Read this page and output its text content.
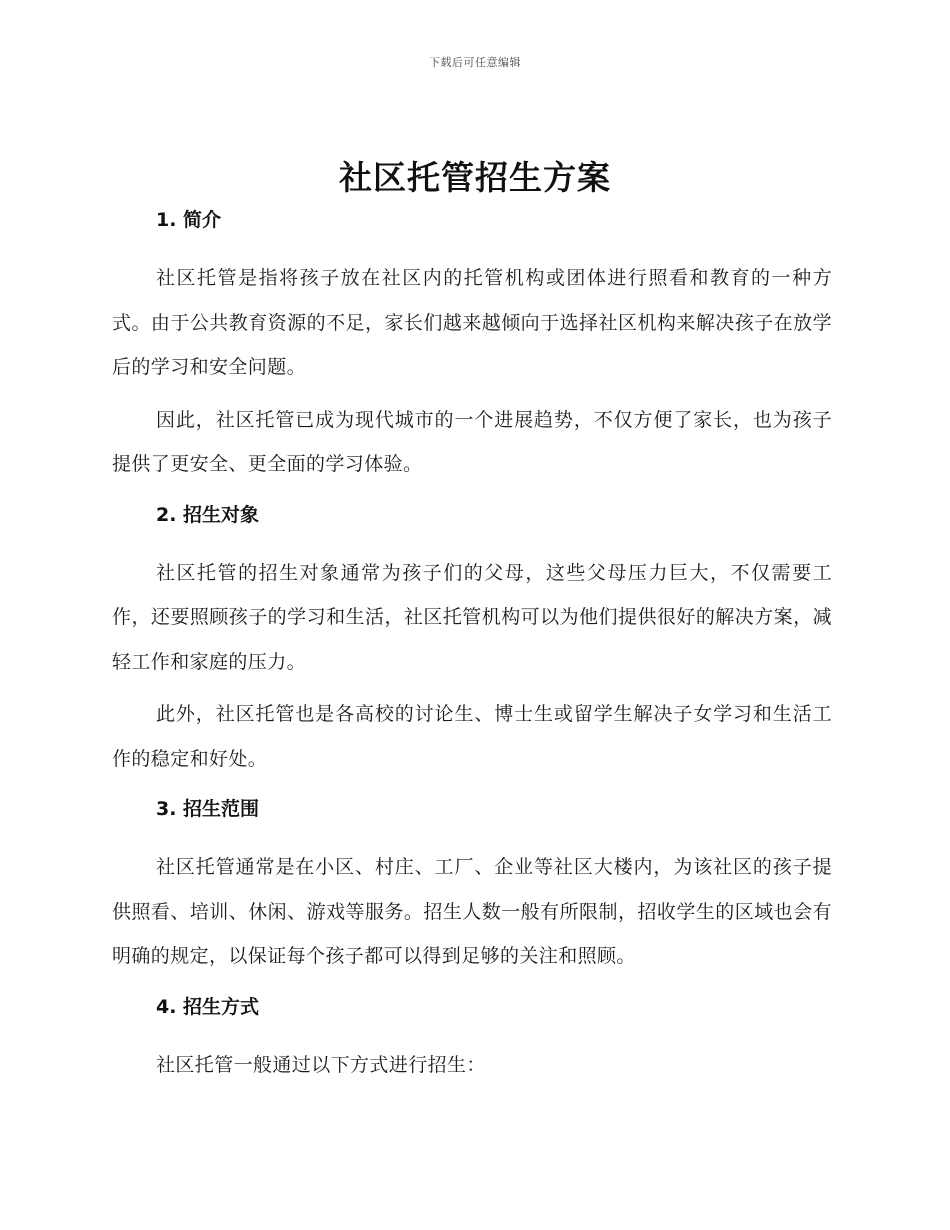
下载后可任意编辑
社区托管招生方案
1. 简介

社区托管是指将孩子放在社区内的托管机构或团体进行照看和教育的一种方式。由于公共教育资源的不足，家长们越来越倾向于选择社区机构来解决孩子在放学后的学习和安全问题。

因此，社区托管已成为现代城市的一个进展趋势，不仅方便了家长，也为孩子提供了更安全、更全面的学习体验。

2. 招生对象

社区托管的招生对象通常为孩子们的父母，这些父母压力巨大，不仅需要工作，还要照顾孩子的学习和生活，社区托管机构可以为他们提供很好的解决方案，减轻工作和家庭的压力。

此外，社区托管也是各高校的讨论生、博士生或留学生解决子女学习和生活工作的稳定和好处。

3. 招生范围

社区托管通常是在小区、村庄、工厂、企业等社区大楼内，为该社区的孩子提供照看、培训、休闲、游戏等服务。招生人数一般有所限制，招收学生的区域也会有明确的规定，以保证每个孩子都可以得到足够的关注和照顾。

4. 招生方式

社区托管一般通过以下方式进行招生：
